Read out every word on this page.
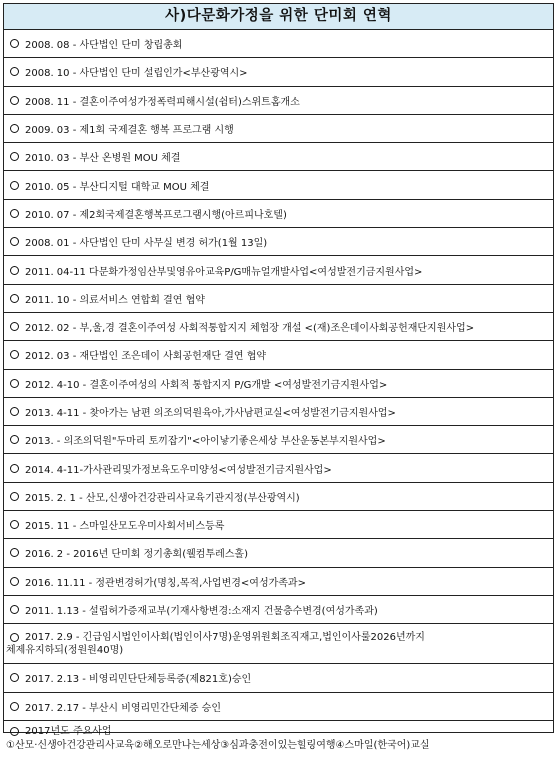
사)다문화가정을 위한 단미회 연혁
2008. 08 - 사단법인 단미 창립총회
2008. 10 - 사단법인 단미 설립인가<부산광역시>
2008. 11 - 결혼이주여성가정폭력피해시설(쉼터)스위트홈개소
2009. 03 - 제1회 국제결혼 행복 프로그램 시행
2010. 03 - 부산 온병원 MOU 체결
2010. 05 - 부산디지털 대학교 MOU 체결
2010. 07 - 제2회국제결혼행복프로그램시행(아르피나호텔)
2008. 01 - 사단법인 단미 사무실 변경 허가(1월 13일)
2011. 04-11 다문화가정임산부및영유아교육P/G매뉴얼개발사업<여성발전기금지원사업>
2011. 10 - 의료서비스 연합회 결연 협약
2012. 02 - 부,울,경 결혼이주여성 사회적통합지지 체험장 개설 <(재)조은데이사회공헌재단지원사업>
2012. 03 - 재단법인 조은데이 사회공헌재단 결연 협약
2012. 4-10 - 결혼이주여성의 사회적 통합지지 P/G개발 <여성발전기금지원사업>
2013. 4-11 - 찾아가는 남편 의조의덕원육아,가사남편교실<여성발전기금지원사업>
2013. - 의조의덕원"두마리 토끼잡기"<아이낳기좋은세상 부산운동본부지원사업>
2014. 4-11-가사관리및가정보육도우미양성<여성발전기금지원사업>
2015. 2. 1 - 산모,신생아건강관리사교육기관지정(부산광역시)
2015. 11 - 스마일산모도우미사회서비스등록
2016. 2 - 2016년 단미회 정기총회(웰컴투레스홀)
2016. 11.11 - 정관변경허가(명칭,목적,사업변경<여성가족과>
2011. 1.13 - 설립허가증재교부(기재사항변경:소재지 건물층수변경(여성가족과)
2017. 2.9 - 긴급임시법인이사회(법인이사7명)운영위원회조직재고,법인이사룰2026년까지
체제유지하되(정원원40명)
2017. 2.13 - 비영리민단단체등록증(제821호)승인
2017. 2.17 - 부산시 비영리민간단체증 승인
2017년도 주요사업
①산모·신생아건강관리사교육②해오로만나는세상③심과충전이있는힐링여행④스마일(한국어)교실
